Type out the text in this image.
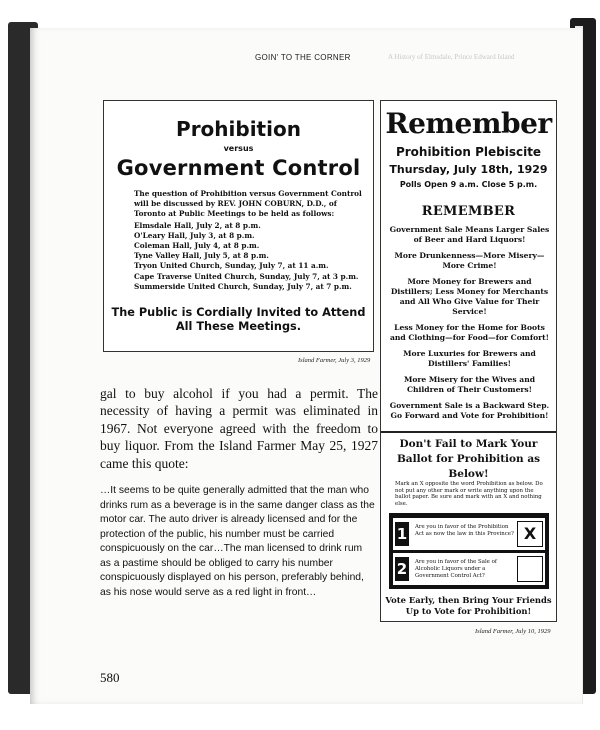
GOIN' TO THE CORNER	A History of Elmsdale, Prince Edward Island
Prohibition
versus
Government Control
The question of Prohibition versus Government Control will be discussed by REV. JOHN COBURN, D.D., of Toronto at Public Meetings to be held as follows:
Elmsdale Hall, July 2, at 8 p.m.
O'Leary Hall, July 3, at 8 p.m.
Coleman Hall, July 4, at 8 p.m.
Tyne Valley Hall, July 5, at 8 p.m.
Tryon United Church, Sunday, July 7, at 11 a.m.
Cape Traverse United Church, Sunday, July 7, at 3 p.m.
Summerside United Church, Sunday, July 7, at 7 p.m.
The Public is Cordially Invited to Attend All These Meetings.
Island Farmer, July 3, 1929
Remember
Prohibition Plebiscite
Thursday, July 18th, 1929
Polls Open 9 a.m. Close 5 p.m.
REMEMBER
Government Sale Means Larger Sales of Beer and Hard Liquors!
More Drunkenness—More Misery—More Crime!
More Money for Brewers and Distillers; Less Money for Merchants and All Who Give Value for Their Service!
Less Money for the Home for Boots and Clothing—for Food—for Comfort!
More Luxuries for Brewers and Distillers' Families!
More Misery for the Wives and Children of Their Customers!
Government Sale is a Backward Step. Go Forward and Vote for Prohibition!
Don't Fail to Mark Your Ballot for Prohibition as Below!
Mark an X opposite the word Prohibition as below. Do not put any other mark or write anything upon the ballot paper. Be sure and mark with an X and nothing else.
1	Are you in favor of the Prohibition Act as now the law in this Province? X
2	Are you in favor of the Sale of Alcoholic Liquors under a Government Control Act?
Vote Early, then Bring Your Friends Up to Vote for Prohibition!
Island Farmer, July 10, 1929
gal to buy alcohol if you had a permit. The necessity of having a permit was eliminated in 1967. Not everyone agreed with the freedom to buy liquor. From the Island Farmer May 25, 1927 came this quote:
…It seems to be quite generally admitted that the man who drinks rum as a beverage is in the same danger class as the motor car. The auto driver is already licensed and for the protection of the public, his number must be carried conspicuously on the car…The man licensed to drink rum as a pastime should be obliged to carry his number conspicuously displayed on his person, preferably behind, as his nose would serve as a red light in front…
580
